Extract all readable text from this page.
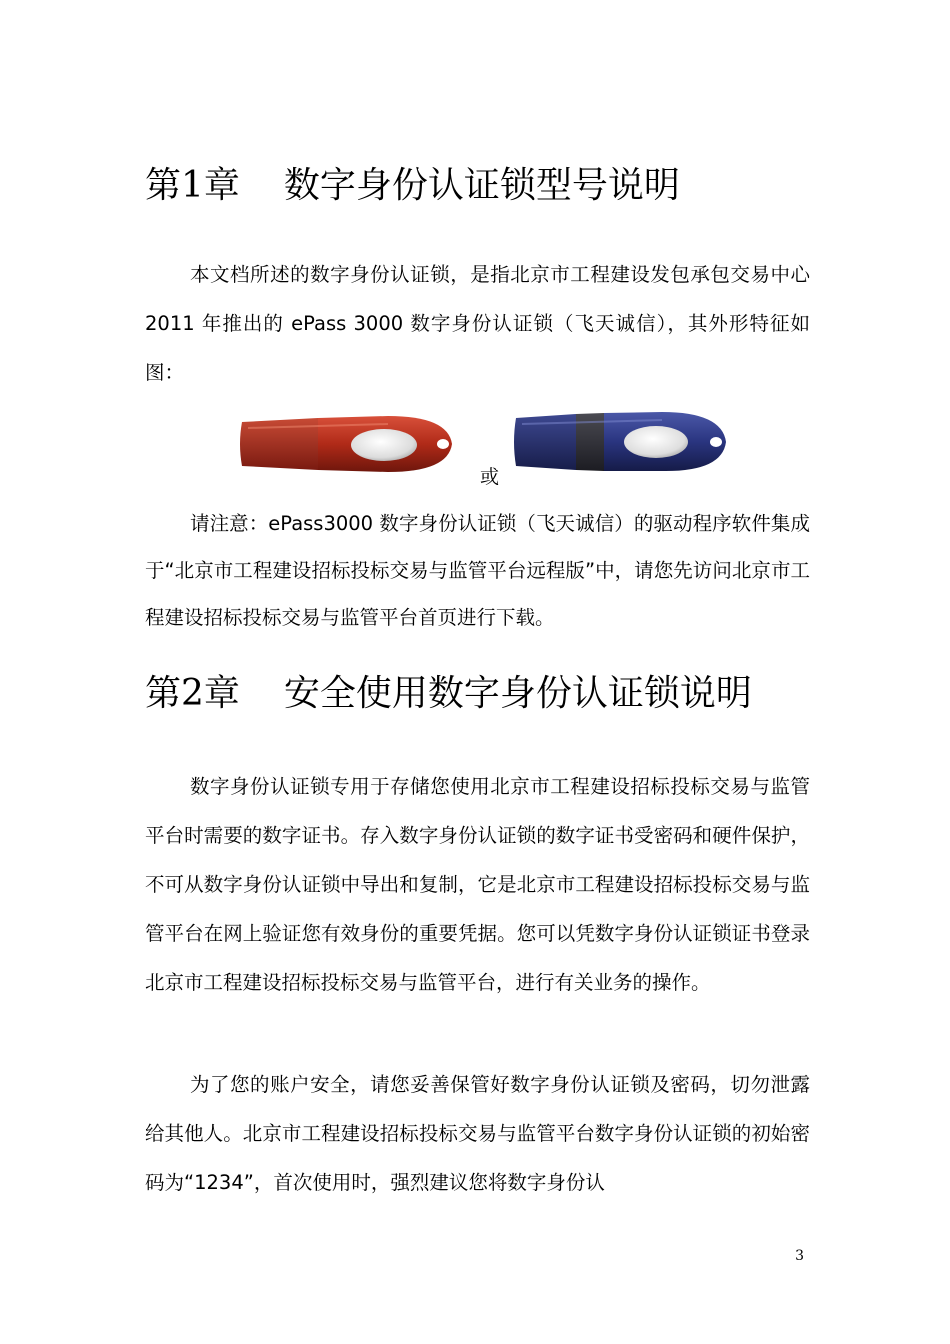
第1章 数字身份认证锁型号说明

本文档所述的数字身份认证锁，是指北京市工程建设发包承包交易中心 2011 年推出的 ePass 3000 数字身份认证锁（飞天诚信），其外形特征如图：

或

请注意：ePass3000 数字身份认证锁（飞天诚信）的驱动程序软件集成于“北京市工程建设招标投标交易与监管平台远程版”中，请您先访问北京市工程建设招标投标交易与监管平台首页进行下载。

第2章 安全使用数字身份认证锁说明

数字身份认证锁专用于存储您使用北京市工程建设招标投标交易与监管平台时需要的数字证书。存入数字身份认证锁的数字证书受密码和硬件保护，不可从数字身份认证锁中导出和复制，它是北京市工程建设招标投标交易与监管平台在网上验证您有效身份的重要凭据。您可以凭数字身份认证锁证书登录北京市工程建设招标投标交易与监管平台，进行有关业务的操作。

为了您的账户安全，请您妥善保管好数字身份认证锁及密码，切勿泄露给其他人。北京市工程建设招标投标交易与监管平台数字身份认证锁的初始密码为“1234”，首次使用时，强烈建议您将数字身份认

3
